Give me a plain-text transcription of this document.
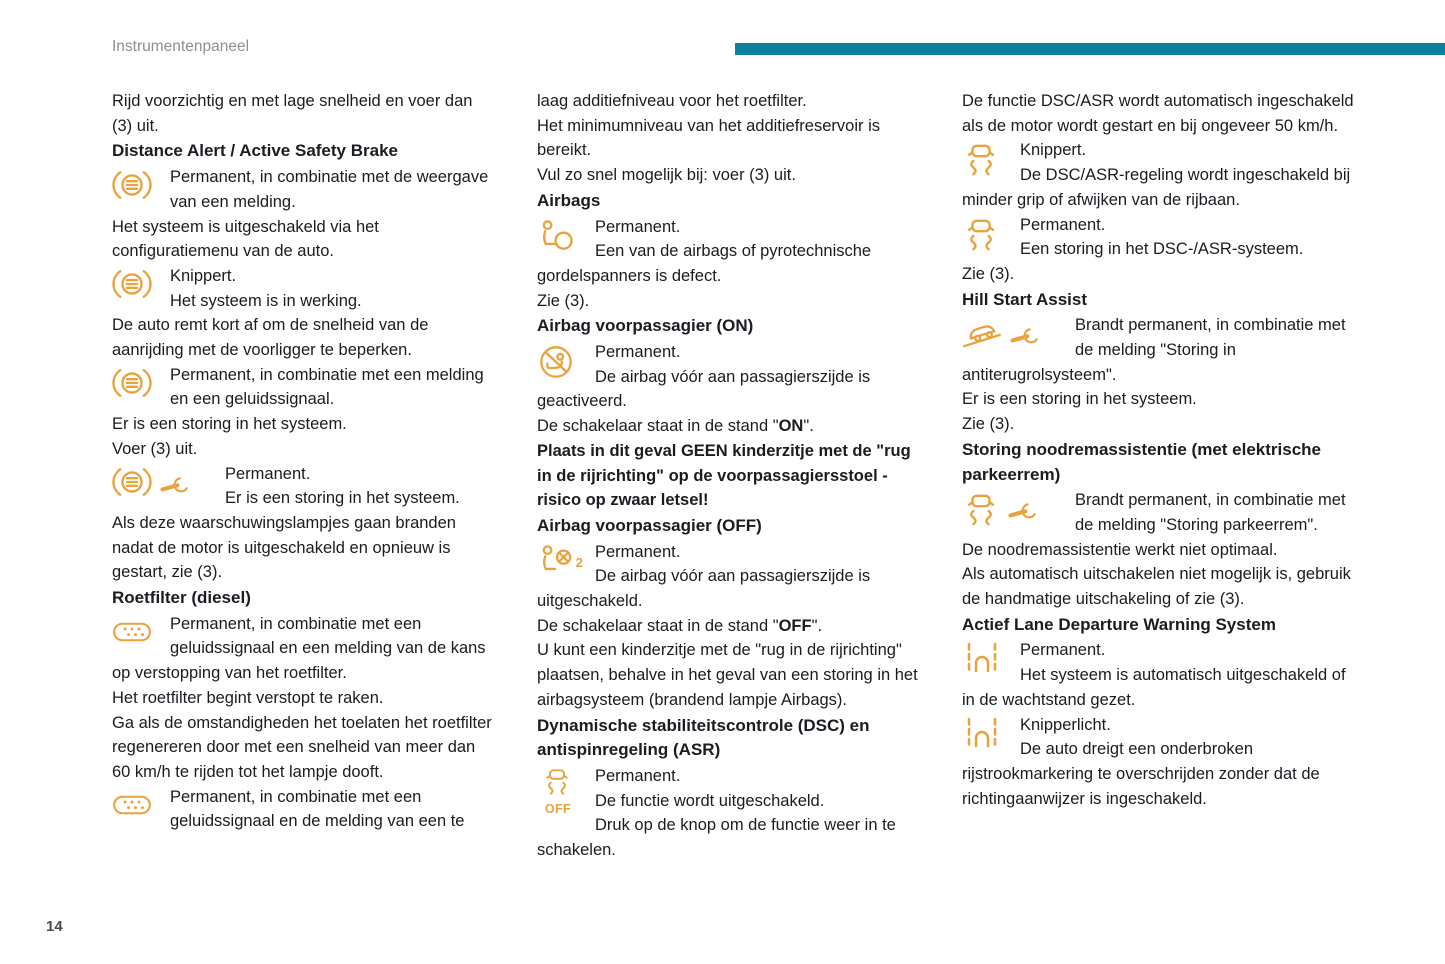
Instrumentenpaneel

Rijd voorzichtig en met lage snelheid en voer dan (3) uit.

Distance Alert / Active Safety Brake

Permanent, in combinatie met de weergave van een melding.

Het systeem is uitgeschakeld via het configuratiemenu van de auto.

Knippert.
Het systeem is in werking.

De auto remt kort af om de snelheid van de aanrijding met de voorligger te beperken.

Permanent, in combinatie met een melding en een geluidssignaal.

Er is een storing in het systeem.

Voer (3) uit.

Permanent.
Er is een storing in het systeem.

Als deze waarschuwingslampjes gaan branden nadat de motor is uitgeschakeld en opnieuw is gestart, zie (3).

Roetfilter (diesel)

Permanent, in combinatie met een geluidssignaal en een melding van de kans op verstopping van het roetfilter.

Het roetfilter begint verstopt te raken.

Ga als de omstandigheden het toelaten het roetfilter regenereren door met een snelheid van meer dan 60 km/h te rijden tot het lampje dooft.

Permanent, in combinatie met een geluidssignaal en de melding van een te

laag additiefniveau voor het roetfilter.

Het minimumniveau van het additiefreservoir is bereikt.

Vul zo snel mogelijk bij: voer (3) uit.

Airbags

Permanent.
Een van de airbags of pyrotechnische gordelspanners is defect.

Zie (3).

Airbag voorpassagier (ON)

Permanent.
De airbag vóór aan passagierszijde is geactiveerd.

De schakelaar staat in de stand "ON".

Plaats in dit geval GEEN kinderzitje met de "rug in de rijrichting" op de voorpassagiersstoel - risico op zwaar letsel!

Airbag voorpassagier (OFF)

2
Permanent.
De airbag vóór aan passagierszijde is uitgeschakeld.

De schakelaar staat in de stand "OFF".

U kunt een kinderzitje met de "rug in de rijrichting" plaatsen, behalve in het geval van een storing in het airbagsysteem (brandend lampje Airbags).

Dynamische stabiliteitscontrole (DSC) en antispinregeling (ASR)

OFF
Permanent.
De functie wordt uitgeschakeld.

Druk op de knop om de functie weer in te schakelen.

De functie DSC/ASR wordt automatisch ingeschakeld als de motor wordt gestart en bij ongeveer 50 km/h.

Knippert.
De DSC/ASR-regeling wordt ingeschakeld bij minder grip of afwijken van de rijbaan.

Permanent.
Een storing in het DSC-/ASR-systeem.

Zie (3).

Hill Start Assist

Brandt permanent, in combinatie met de melding "Storing in antiterugrolsysteem".

Er is een storing in het systeem.

Zie (3).

Storing noodremassistentie (met elektrische parkeerrem)

Brandt permanent, in combinatie met de melding "Storing parkeerrem".

De noodremassistentie werkt niet optimaal.

Als automatisch uitschakelen niet mogelijk is, gebruik de handmatige uitschakeling of zie (3).

Actief Lane Departure Warning System

Permanent.
Het systeem is automatisch uitgeschakeld of in de wachtstand gezet.

Knipperlicht.
De auto dreigt een onderbroken rijstrookmarkering te overschrijden zonder dat de richtingaanwijzer is ingeschakeld.

14
